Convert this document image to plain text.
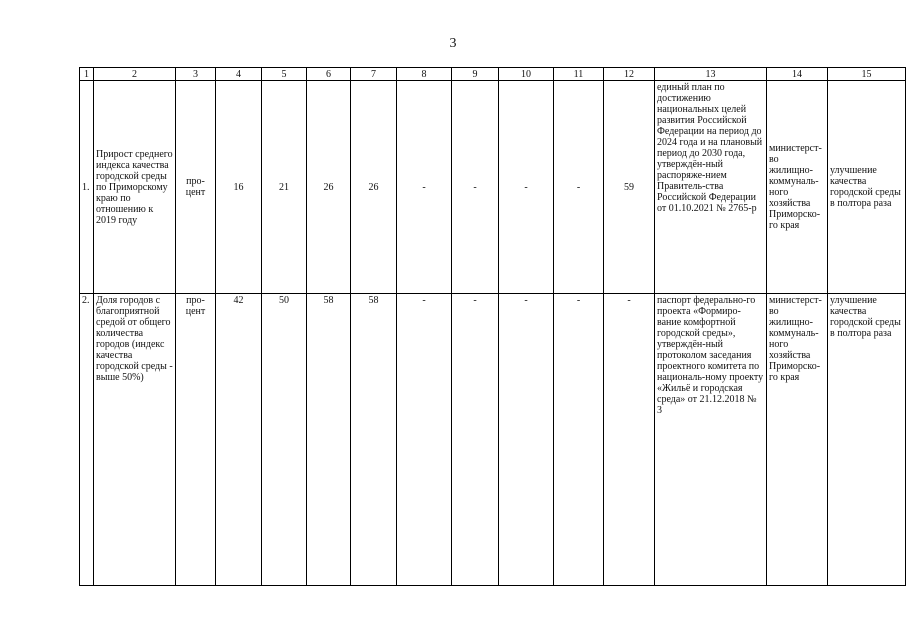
3
1	2	3	4	5	6	7	8	9	10	11	12	13	14	15
1.	Прирост среднего индекса качества городской среды по Приморскому краю по отношению к 2019 году	про-цент	16	21	26	26	-	-	-	-	59	единый план по достижению национальных целей развития Российской Федерации на период до 2024 года и на плановый период до 2030 года, утверждён-ный распоряже-нием Правитель-ства Российской Федерации от 01.10.2021 № 2765-р	министерст-во жилищно-коммуналь-ного хозяйства Приморско-го края	улучшение качества городской среды в полтора раза
2.	Доля городов с благоприятной средой от общего количества городов (индекс качества городской среды - выше 50%)	про-цент	42	50	58	58	-	-	-	-	-	паспорт федерально-го проекта «Формиро-вание комфортной городской среды», утверждён-ный протоколом заседания проектного комитета по националь-ному проекту «Жильё и городская среда» от 21.12.2018 № 3	министерст-во жилищно-коммуналь-ного хозяйства Приморско-го края	улучшение качества городской среды в полтора раза
